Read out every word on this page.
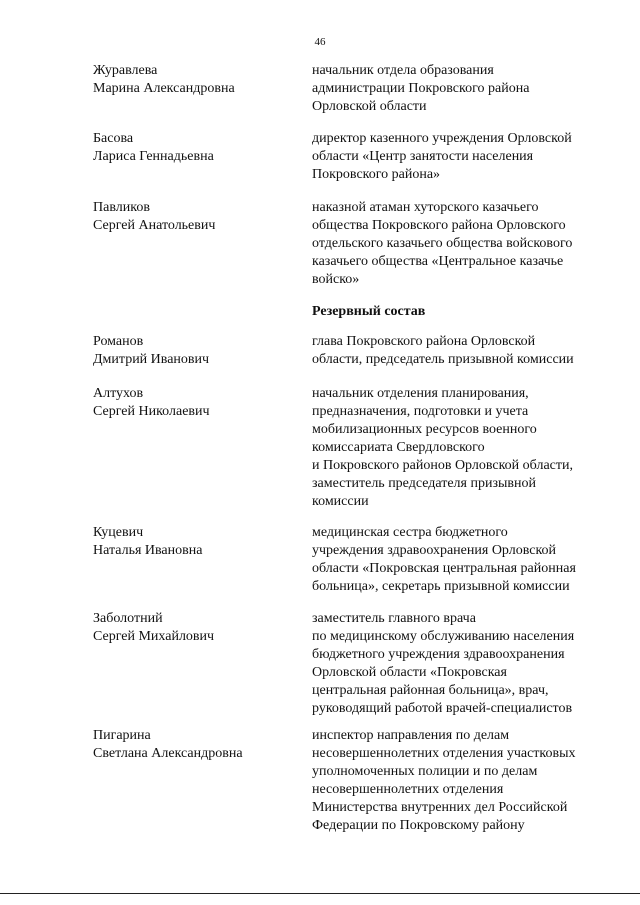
46
Журавлева
Марина Александровна
начальник отдела образования
администрации Покровского района
Орловской области
Басова
Лариса Геннадьевна
директор казенного учреждения Орловской
области «Центр занятости населения
Покровского района»
Павликов
Сергей Анатольевич
наказной атаман хуторского казачьего
общества Покровского района Орловского
отдельского казачьего общества войскового
казачьего общества «Центральное казачье
войско»
Резервный состав
Романов
Дмитрий Иванович
глава Покровского района Орловской
области, председатель призывной комиссии
Алтухов
Сергей Николаевич
начальник отделения планирования,
предназначения, подготовки и учета
мобилизационных ресурсов военного
комиссариата Свердловского
и Покровского районов Орловской области,
заместитель председателя призывной
комиссии
Куцевич
Наталья Ивановна
медицинская сестра бюджетного
учреждения здравоохранения Орловской
области «Покровская центральная районная
больница», секретарь призывной комиссии
Заболотний
Сергей Михайлович
заместитель главного врача
по медицинскому обслуживанию населения
бюджетного учреждения здравоохранения
Орловской области «Покровская
центральная районная больница», врач,
руководящий работой врачей-специалистов
Пигарина
Светлана Александровна
инспектор направления по делам
несовершеннолетних отделения участковых
уполномоченных полиции и по делам
несовершеннолетних отделения
Министерства внутренних дел Российской
Федерации по Покровскому району
